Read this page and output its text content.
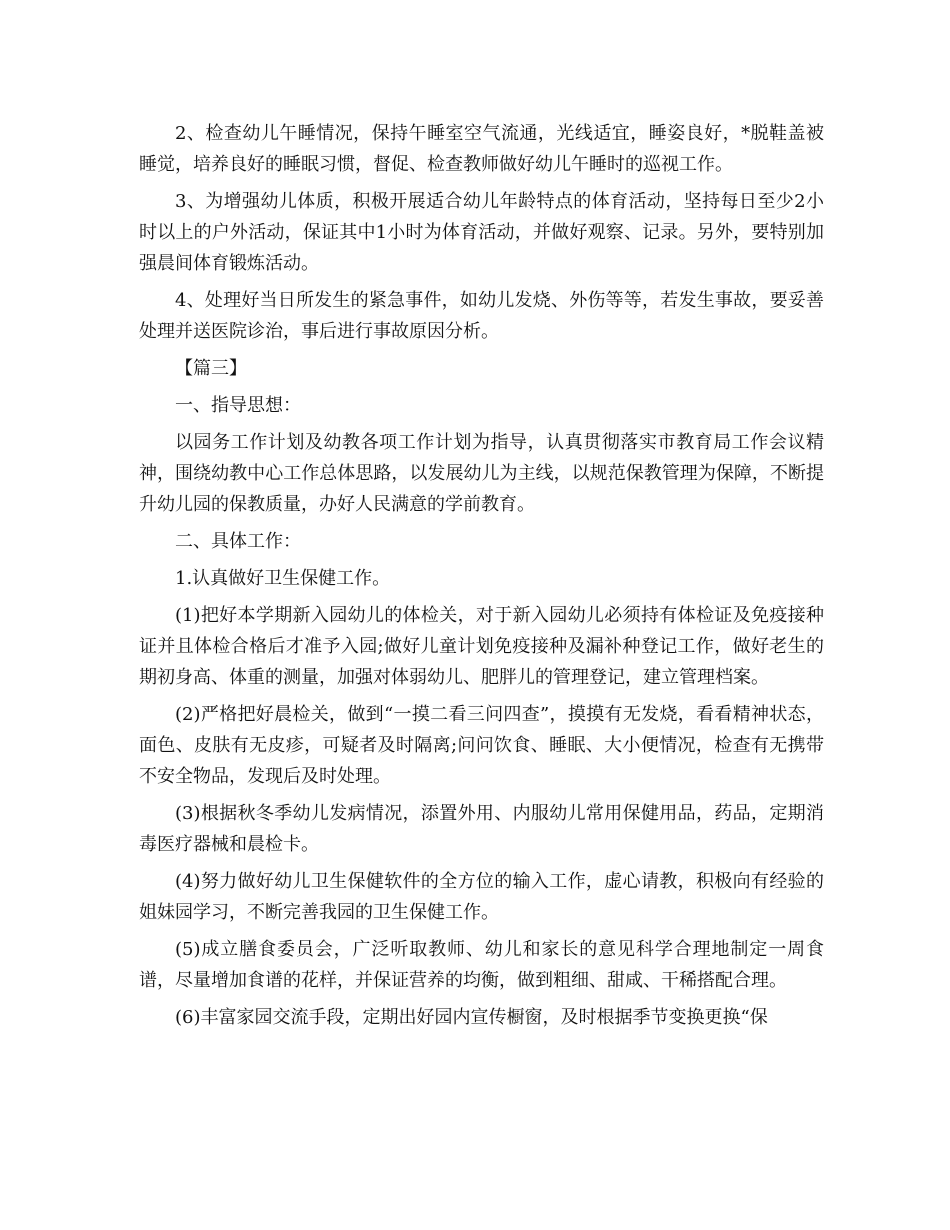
2、检查幼儿午睡情况，保持午睡室空气流通，光线适宜，睡姿良好，*脱鞋盖被睡觉，培养良好的睡眠习惯，督促、检查教师做好幼儿午睡时的巡视工作。

3、为增强幼儿体质，积极开展适合幼儿年龄特点的体育活动，坚持每日至少2小时以上的户外活动，保证其中1小时为体育活动，并做好观察、记录。另外，要特别加强晨间体育锻炼活动。

4、处理好当日所发生的紧急事件，如幼儿发烧、外伤等等，若发生事故，要妥善处理并送医院诊治，事后进行事故原因分析。

【篇三】

一、指导思想：

以园务工作计划及幼教各项工作计划为指导，认真贯彻落实市教育局工作会议精神，围绕幼教中心工作总体思路，以发展幼儿为主线，以规范保教管理为保障，不断提升幼儿园的保教质量，办好人民满意的学前教育。

二、具体工作：

1.认真做好卫生保健工作。

(1)把好本学期新入园幼儿的体检关，对于新入园幼儿必须持有体检证及免疫接种证并且体检合格后才准予入园;做好儿童计划免疫接种及漏补种登记工作，做好老生的期初身高、体重的测量，加强对体弱幼儿、肥胖儿的管理登记，建立管理档案。

(2)严格把好晨检关，做到“一摸二看三问四查”，摸摸有无发烧，看看精神状态，面色、皮肤有无皮疹，可疑者及时隔离;问问饮食、睡眠、大小便情况，检查有无携带不安全物品，发现后及时处理。

(3)根据秋冬季幼儿发病情况，添置外用、内服幼儿常用保健用品，药品，定期消毒医疗器械和晨检卡。

(4)努力做好幼儿卫生保健软件的全方位的输入工作，虚心请教，积极向有经验的姐妹园学习，不断完善我园的卫生保健工作。

(5)成立膳食委员会，广泛听取教师、幼儿和家长的意见科学合理地制定一周食谱，尽量增加食谱的花样，并保证营养的均衡，做到粗细、甜咸、干稀搭配合理。

(6)丰富家园交流手段，定期出好园内宣传橱窗，及时根据季节变换更换“保
